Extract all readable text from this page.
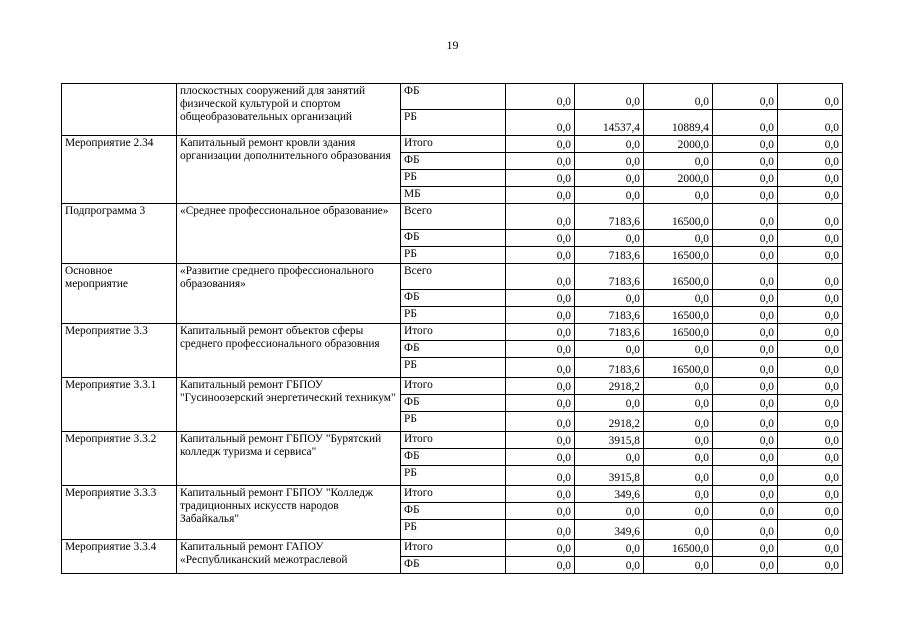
19
	плоскостных сооружений для занятий физической культурой и спортом общеобразовательных организаций	ФБ	0,0	0,0	0,0	0,0	0,0
		РБ	0,0	14537,4	10889,4	0,0	0,0
Мероприятие 2.34	Капитальный ремонт кровли здания организации дополнительного образования	Итого	0,0	0,0	2000,0	0,0	0,0
		ФБ	0,0	0,0	0,0	0,0	0,0
		РБ	0,0	0,0	2000,0	0,0	0,0
		МБ	0,0	0,0	0,0	0,0	0,0
Подпрограмма 3	«Среднее профессиональное образование»	Всего	0,0	7183,6	16500,0	0,0	0,0
		ФБ	0,0	0,0	0,0	0,0	0,0
		РБ	0,0	7183,6	16500,0	0,0	0,0
Основное мероприятие	«Развитие среднего профессионального образования»	Всего	0,0	7183,6	16500,0	0,0	0,0
		ФБ	0,0	0,0	0,0	0,0	0,0
		РБ	0,0	7183,6	16500,0	0,0	0,0
Мероприятие 3.3	Капитальный ремонт объектов сферы среднего профессионального образовния	Итого	0,0	7183,6	16500,0	0,0	0,0
		ФБ	0,0	0,0	0,0	0,0	0,0
		РБ	0,0	7183,6	16500,0	0,0	0,0
Мероприятие 3.3.1	Капитальный ремонт ГБПОУ "Гусиноозерский энергетический техникум"	Итого	0,0	2918,2	0,0	0,0	0,0
		ФБ	0,0	0,0	0,0	0,0	0,0
		РБ	0,0	2918,2	0,0	0,0	0,0
Мероприятие 3.3.2	Капитальный ремонт ГБПОУ "Бурятский колледж туризма и сервиса"	Итого	0,0	3915,8	0,0	0,0	0,0
		ФБ	0,0	0,0	0,0	0,0	0,0
		РБ	0,0	3915,8	0,0	0,0	0,0
Мероприятие 3.3.3	Капитальный ремонт ГБПОУ "Колледж традиционных искусств народов Забайкалья"	Итого	0,0	349,6	0,0	0,0	0,0
		ФБ	0,0	0,0	0,0	0,0	0,0
		РБ	0,0	349,6	0,0	0,0	0,0
Мероприятие 3.3.4	Капитальный ремонт ГАПОУ «Республиканский межотраслевой	Итого	0,0	0,0	16500,0	0,0	0,0
		ФБ	0,0	0,0	0,0	0,0	0,0
